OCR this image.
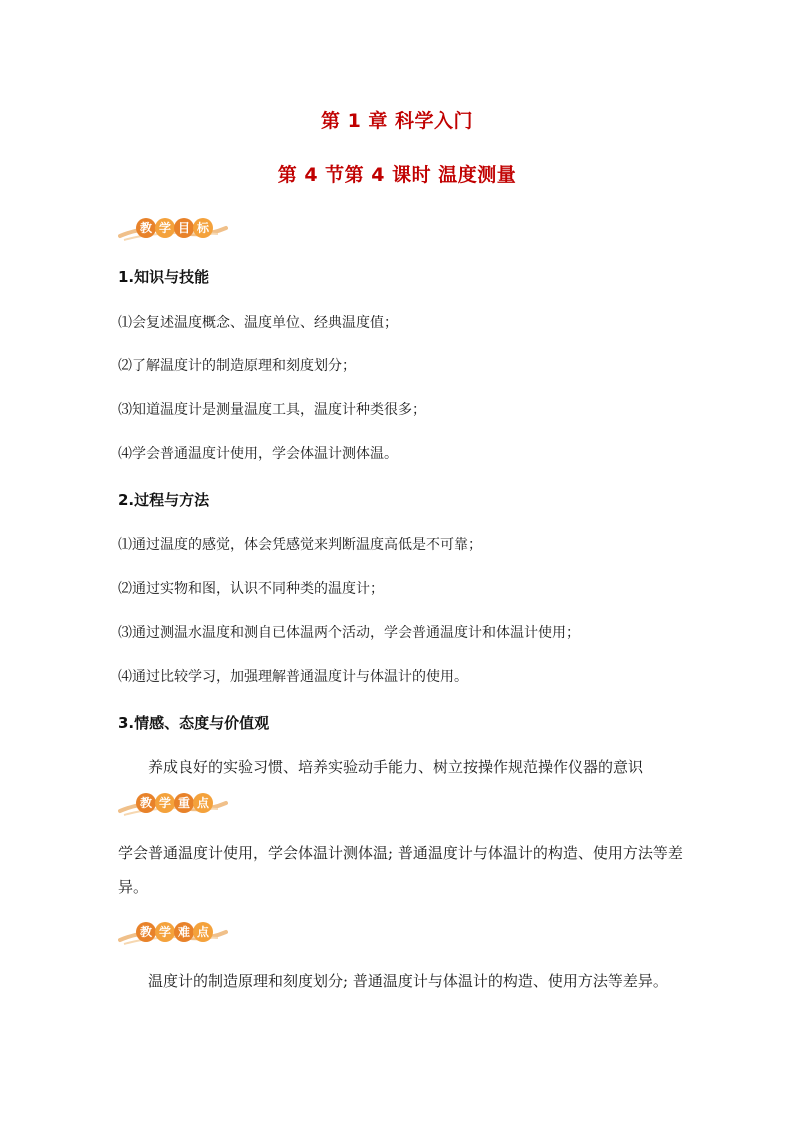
第 1 章 科学入门
第 4 节第 4 课时 温度测量
教 学 目 标
1.知识与技能
⑴会复述温度概念、温度单位、经典温度值；
⑵了解温度计的制造原理和刻度划分；
⑶知道温度计是测量温度工具，温度计种类很多；
⑷学会普通温度计使用，学会体温计测体温。
2.过程与方法
⑴通过温度的感觉，体会凭感觉来判断温度高低是不可靠；
⑵通过实物和图，认识不同种类的温度计；
⑶通过测温水温度和测自已体温两个活动，学会普通温度计和体温计使用；
⑷通过比较学习，加强理解普通温度计与体温计的使用。
3.情感、态度与价值观
养成良好的实验习惯、培养实验动手能力、树立按操作规范操作仪器的意识
教 学 重 点
学会普通温度计使用，学会体温计测体温; 普通温度计与体温计的构造、使用方法等差异。
教 学 难 点
温度计的制造原理和刻度划分; 普通温度计与体温计的构造、使用方法等差异。
